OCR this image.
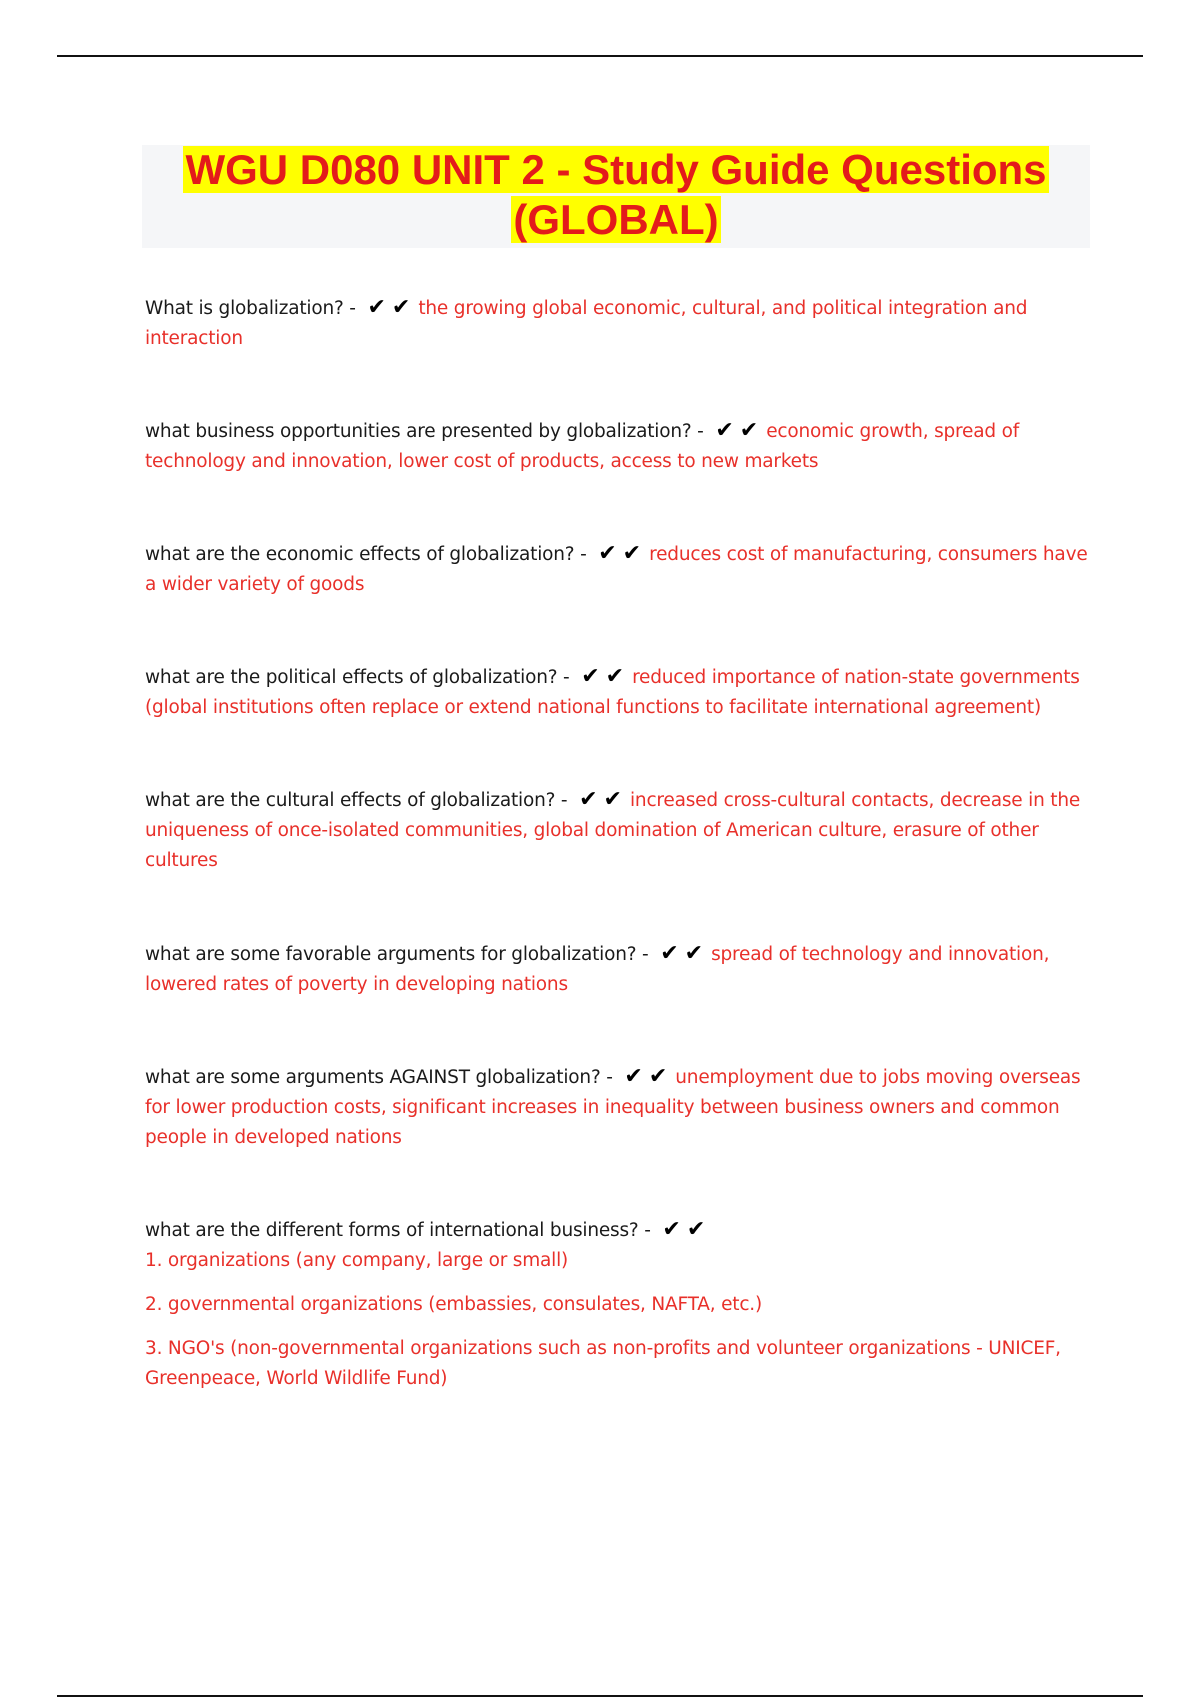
WGU D080 UNIT 2 - Study Guide Questions
(GLOBAL)
What is globalization? - ✔✔ the growing global economic, cultural, and political integration and interaction
what business opportunities are presented by globalization? - ✔✔ economic growth, spread of technology and innovation, lower cost of products, access to new markets
what are the economic effects of globalization? - ✔✔ reduces cost of manufacturing, consumers have a wider variety of goods
what are the political effects of globalization? - ✔✔ reduced importance of nation-state governments (global institutions often replace or extend national functions to facilitate international agreement)
what are the cultural effects of globalization? - ✔✔ increased cross-cultural contacts, decrease in the uniqueness of once-isolated communities, global domination of American culture, erasure of other cultures
what are some favorable arguments for globalization? - ✔✔ spread of technology and innovation, lowered rates of poverty in developing nations
what are some arguments AGAINST globalization? - ✔✔ unemployment due to jobs moving overseas for lower production costs, significant increases in inequality between business owners and common people in developed nations
what are the different forms of international business? - ✔✔
1. organizations (any company, large or small)
2. governmental organizations (embassies, consulates, NAFTA, etc.)
3. NGO's (non-governmental organizations such as non-profits and volunteer organizations - UNICEF, Greenpeace, World Wildlife Fund)
